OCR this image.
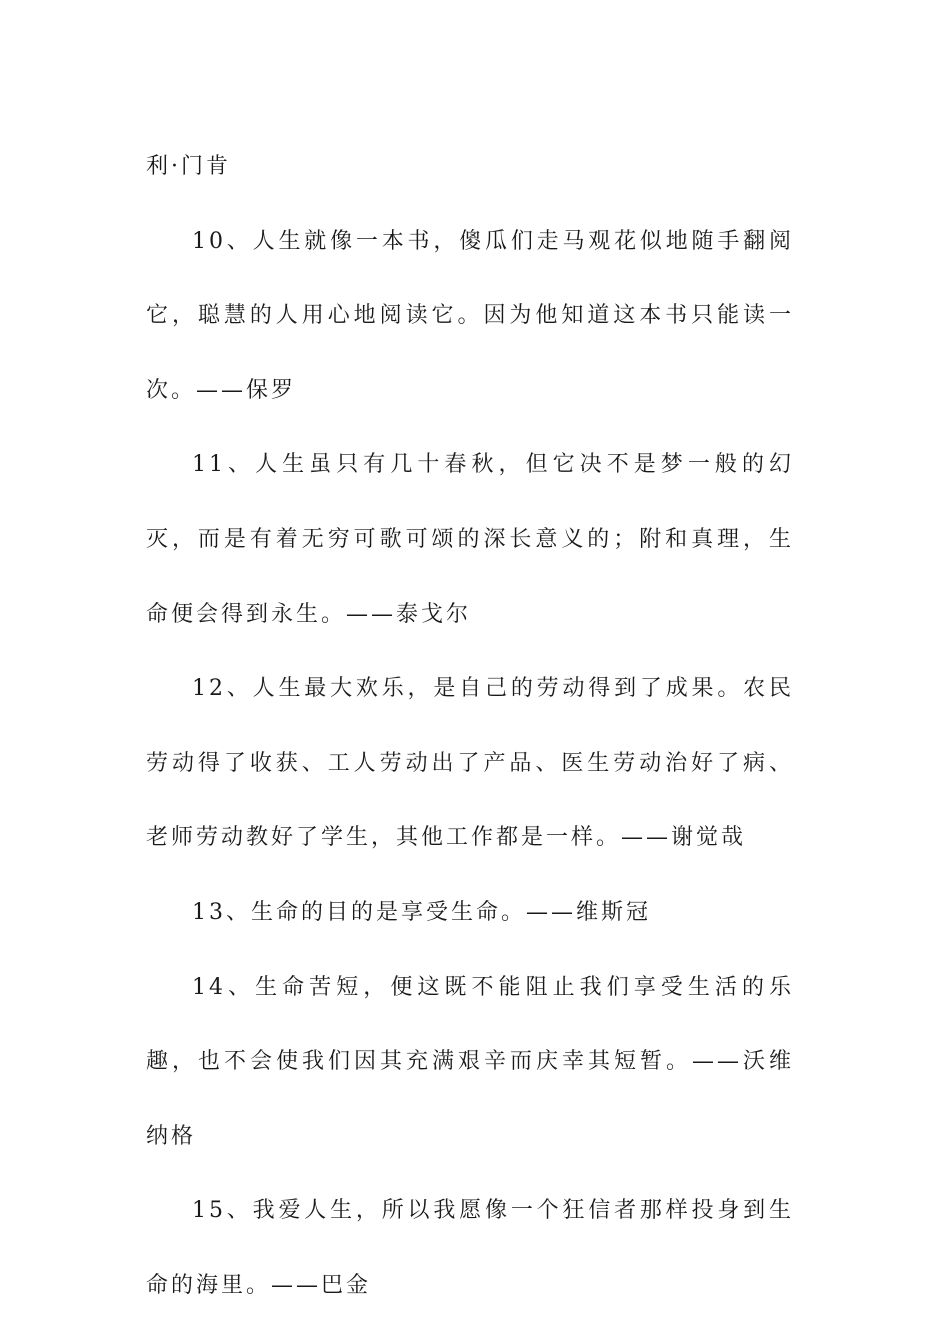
利·门肯

10、人生就像一本书，傻瓜们走马观花似地随手翻阅它，聪慧的人用心地阅读它。因为他知道这本书只能读一次。——保罗

11、人生虽只有几十春秋，但它决不是梦一般的幻灭，而是有着无穷可歌可颂的深长意义的；附和真理，生命便会得到永生。——泰戈尔

12、人生最大欢乐，是自己的劳动得到了成果。农民劳动得了收获、工人劳动出了产品、医生劳动治好了病、老师劳动教好了学生，其他工作都是一样。——谢觉哉

13、生命的目的是享受生命。——维斯冠

14、生命苦短，便这既不能阻止我们享受生活的乐趣，也不会使我们因其充满艰辛而庆幸其短暂。——沃维纳格

15、我爱人生，所以我愿像一个狂信者那样投身到生命的海里。——巴金
